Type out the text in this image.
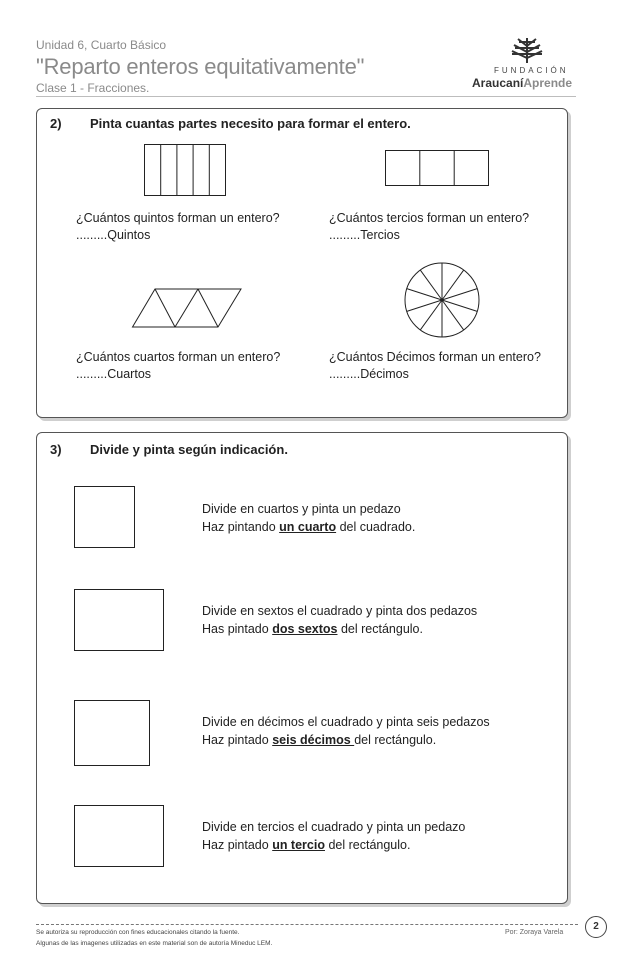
Unidad 6, Cuarto Básico
"Reparto enteros equitativamente"
Clase 1 - Fracciones.
FUNDACIÓN
AraucaníAprende
2) Pinta cuantas partes necesito para formar el entero.
¿Cuántos quintos forman un entero?
.........Quintos
¿Cuántos tercios forman un entero?
.........Tercios
¿Cuántos cuartos forman un entero?
.........Cuartos
¿Cuántos Décimos forman un entero?
.........Décimos
3) Divide y pinta según indicación.
Divide en cuartos y pinta un pedazo
Haz pintando un cuarto del cuadrado.
Divide en sextos el cuadrado y pinta dos pedazos
Has pintado dos sextos del rectángulo.
Divide en décimos el cuadrado y pinta seis pedazos
Haz pintado seis décimos del rectángulo.
Divide en tercios el cuadrado y pinta un pedazo
Haz pintado un tercio del rectángulo.
Se autoriza su reproducción con fines educacionales citando la fuente.
Algunas de las imagenes utilizadas en este material son de autoría Mineduc LEM.
Por: Zoraya Varela
2
